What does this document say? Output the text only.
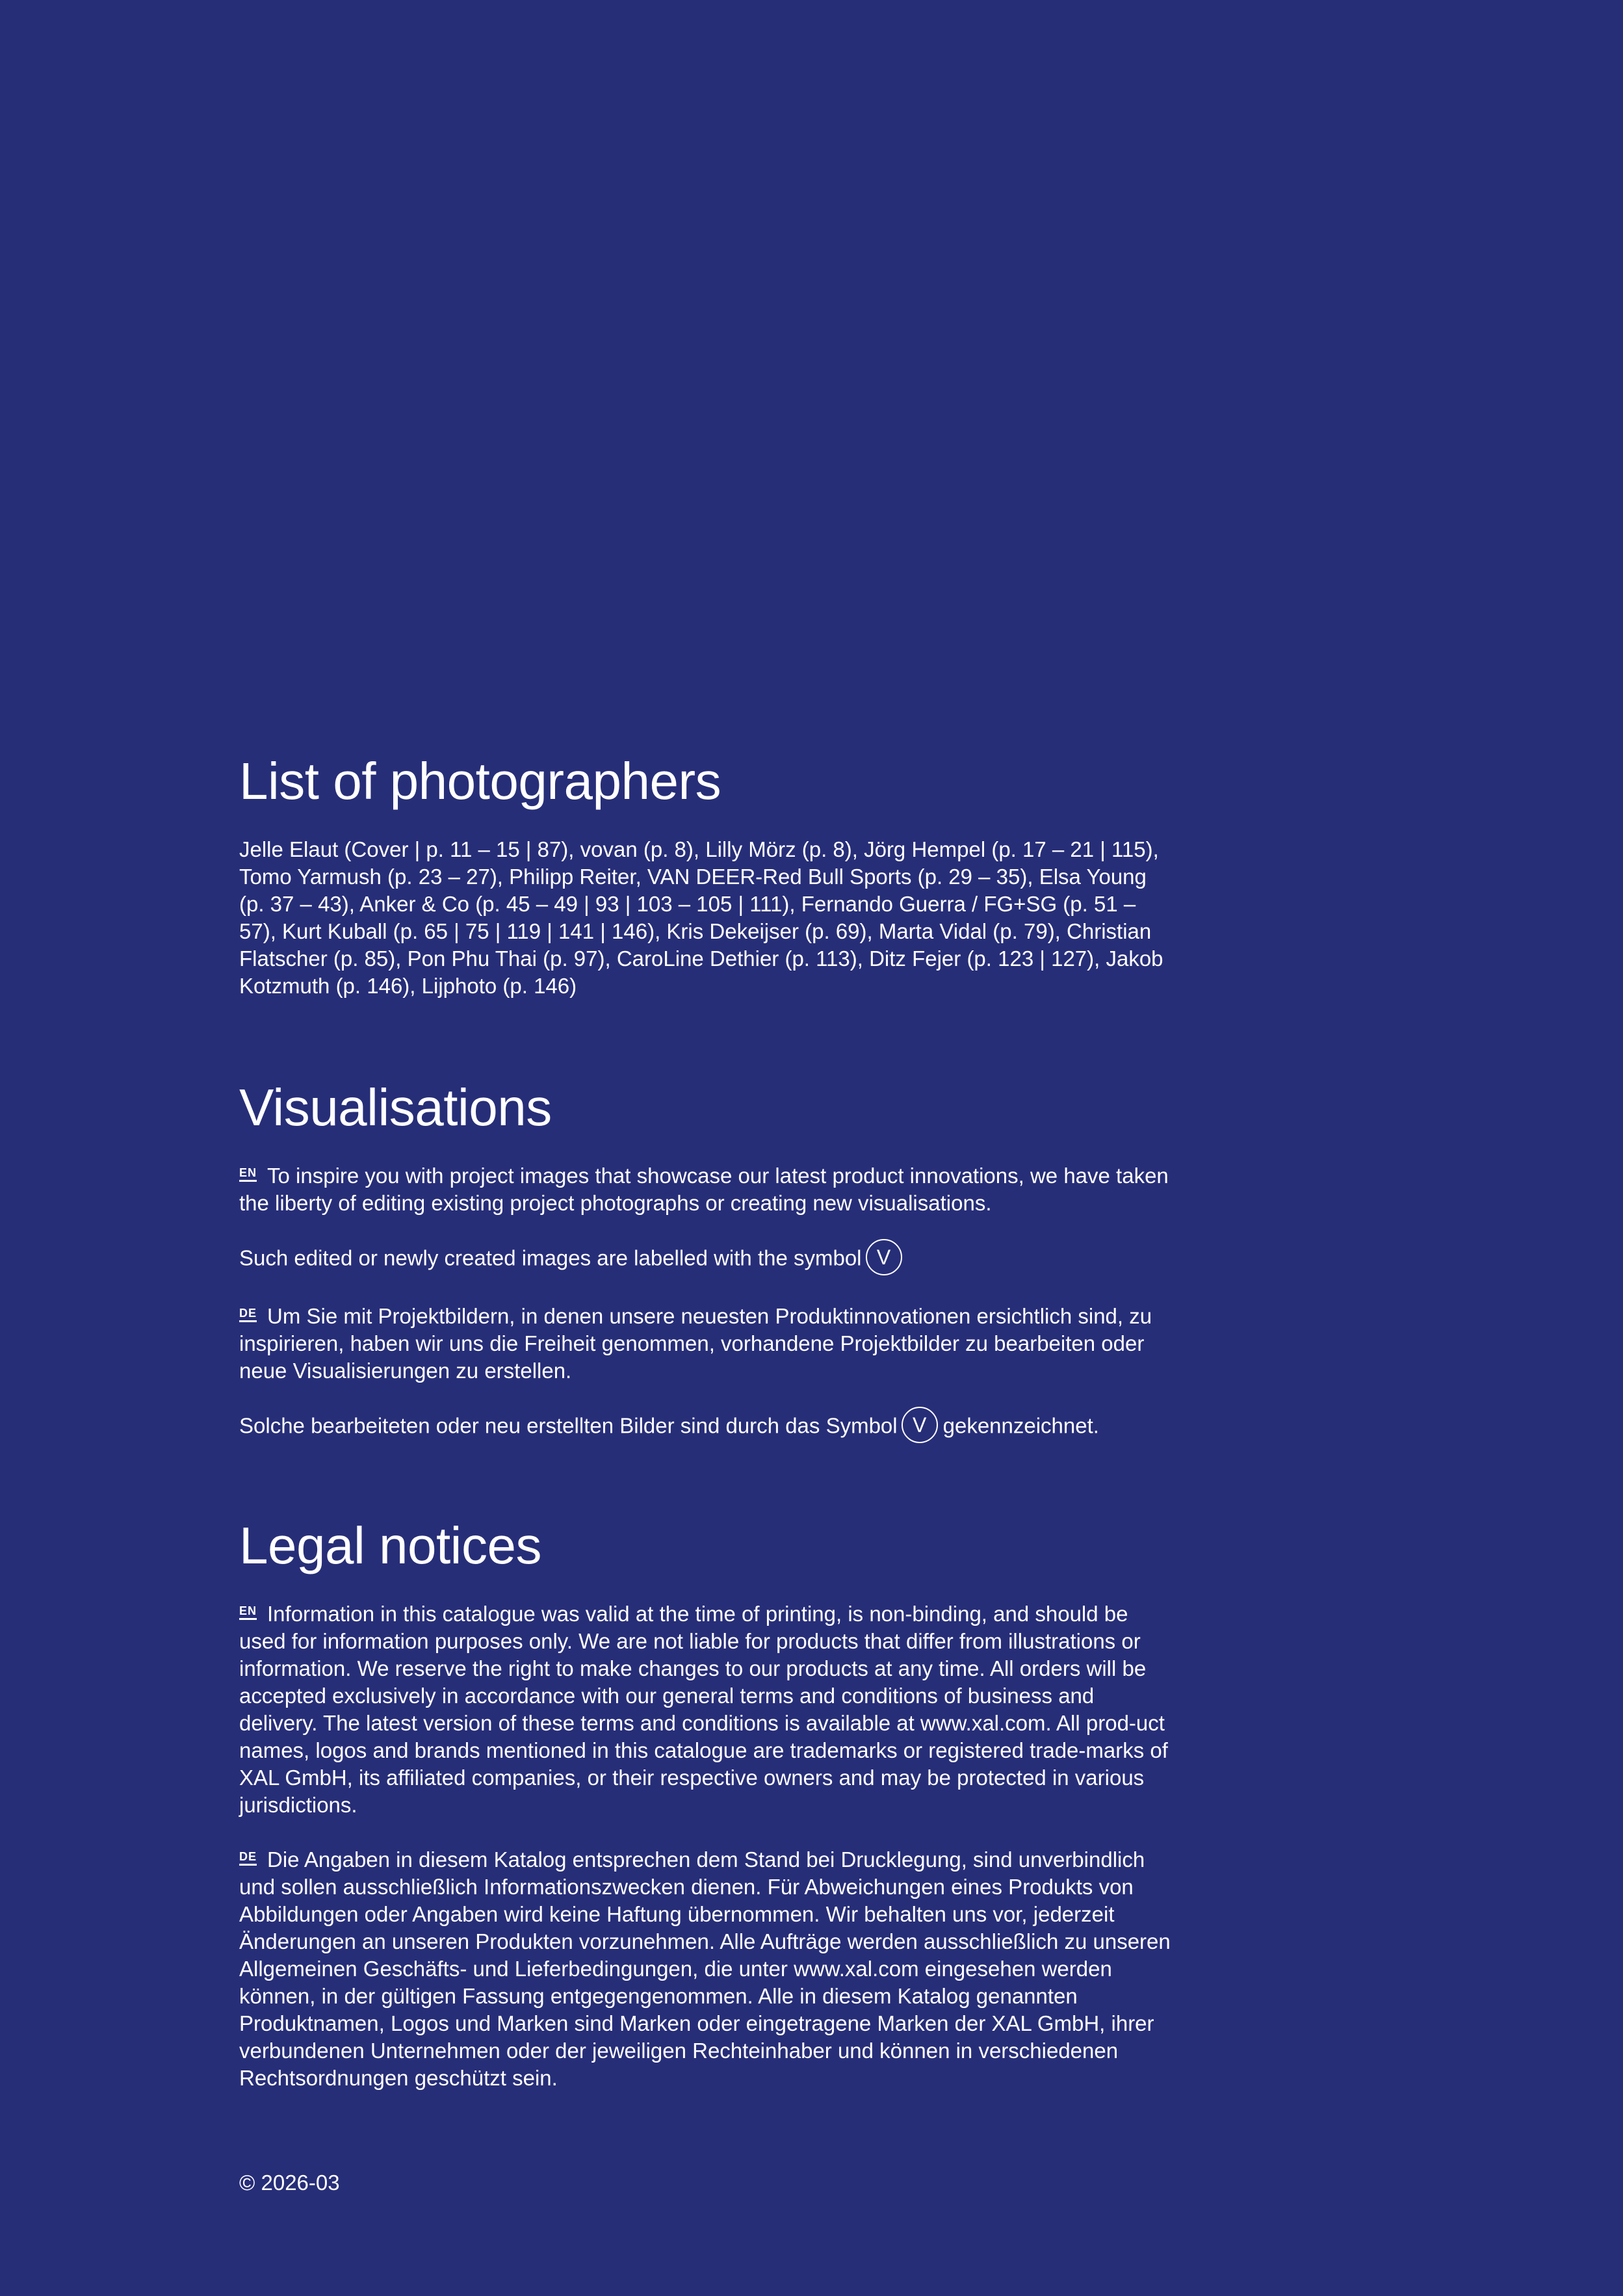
List of photographers

Jelle Elaut (Cover | p. 11 – 15 | 87), vovan (p. 8), Lilly Mörz (p. 8), Jörg Hempel (p. 17 – 21 | 115), Tomo Yarmush (p. 23 – 27), Philipp Reiter, VAN DEER-Red Bull Sports (p. 29 – 35), Elsa Young (p. 37 – 43), Anker & Co (p. 45 – 49 | 93 | 103 – 105 | 111), Fernando Guerra / FG+SG (p. 51 – 57), Kurt Kuball (p. 65 | 75 | 119 | 141 | 146), Kris Dekeijser (p. 69), Marta Vidal (p. 79), Christian Flatscher (p. 85), Pon Phu Thai (p. 97), CaroLine Dethier (p. 113), Ditz Fejer (p. 123 | 127), Jakob Kotzmuth (p. 146), Lijphoto (p. 146)

Visualisations

EN To inspire you with project images that showcase our latest product innovations, we have taken the liberty of editing existing project photographs or creating new visualisations.

Such edited or newly created images are labelled with the symbol V

DE Um Sie mit Projektbildern, in denen unsere neuesten Produktinnovationen ersichtlich sind, zu inspirieren, haben wir uns die Freiheit genommen, vorhandene Projektbilder zu bearbeiten oder neue Visualisierungen zu erstellen.

Solche bearbeiteten oder neu erstellten Bilder sind durch das Symbol V gekennzeichnet.

Legal notices

EN Information in this catalogue was valid at the time of printing, is non-binding, and should be used for information purposes only. We are not liable for products that differ from illustrations or information. We reserve the right to make changes to our products at any time. All orders will be accepted exclusively in accordance with our general terms and conditions of business and delivery. The latest version of these terms and conditions is available at www.xal.com. All prod-uct names, logos and brands mentioned in this catalogue are trademarks or registered trade-marks of XAL GmbH, its affiliated companies, or their respective owners and may be protected in various jurisdictions.

DE Die Angaben in diesem Katalog entsprechen dem Stand bei Drucklegung, sind unverbindlich und sollen ausschließlich Informationszwecken dienen. Für Abweichungen eines Produkts von Abbildungen oder Angaben wird keine Haftung übernommen. Wir behalten uns vor, jederzeit Änderungen an unseren Produkten vorzunehmen. Alle Aufträge werden ausschließlich zu unseren Allgemeinen Geschäfts- und Lieferbedingungen, die unter www.xal.com eingesehen werden können, in der gültigen Fassung entgegengenommen. Alle in diesem Katalog genannten Produktnamen, Logos und Marken sind Marken oder eingetragene Marken der XAL GmbH, ihrer verbundenen Unternehmen oder der jeweiligen Rechteinhaber und können in verschiedenen Rechtsordnungen geschützt sein.

© 2026-03
